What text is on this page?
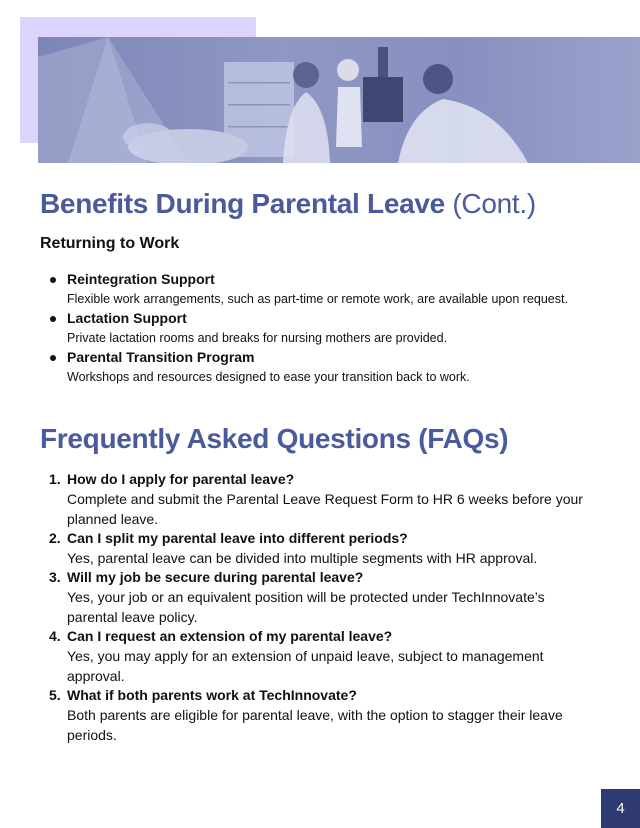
Benefits During Parental Leave (Cont.)
Returning to Work
Reintegration Support
Flexible work arrangements, such as part-time or remote work, are available upon request.
Lactation Support
Private lactation rooms and breaks for nursing mothers are provided.
Parental Transition Program
Workshops and resources designed to ease your transition back to work.
Frequently Asked Questions (FAQs)
1. How do I apply for parental leave?
Complete and submit the Parental Leave Request Form to HR 6 weeks before your planned leave.
2. Can I split my parental leave into different periods?
Yes, parental leave can be divided into multiple segments with HR approval.
3. Will my job be secure during parental leave?
Yes, your job or an equivalent position will be protected under TechInnovate’s parental leave policy.
4. Can I request an extension of my parental leave?
Yes, you may apply for an extension of unpaid leave, subject to management approval.
5. What if both parents work at TechInnovate?
Both parents are eligible for parental leave, with the option to stagger their leave periods.
4
